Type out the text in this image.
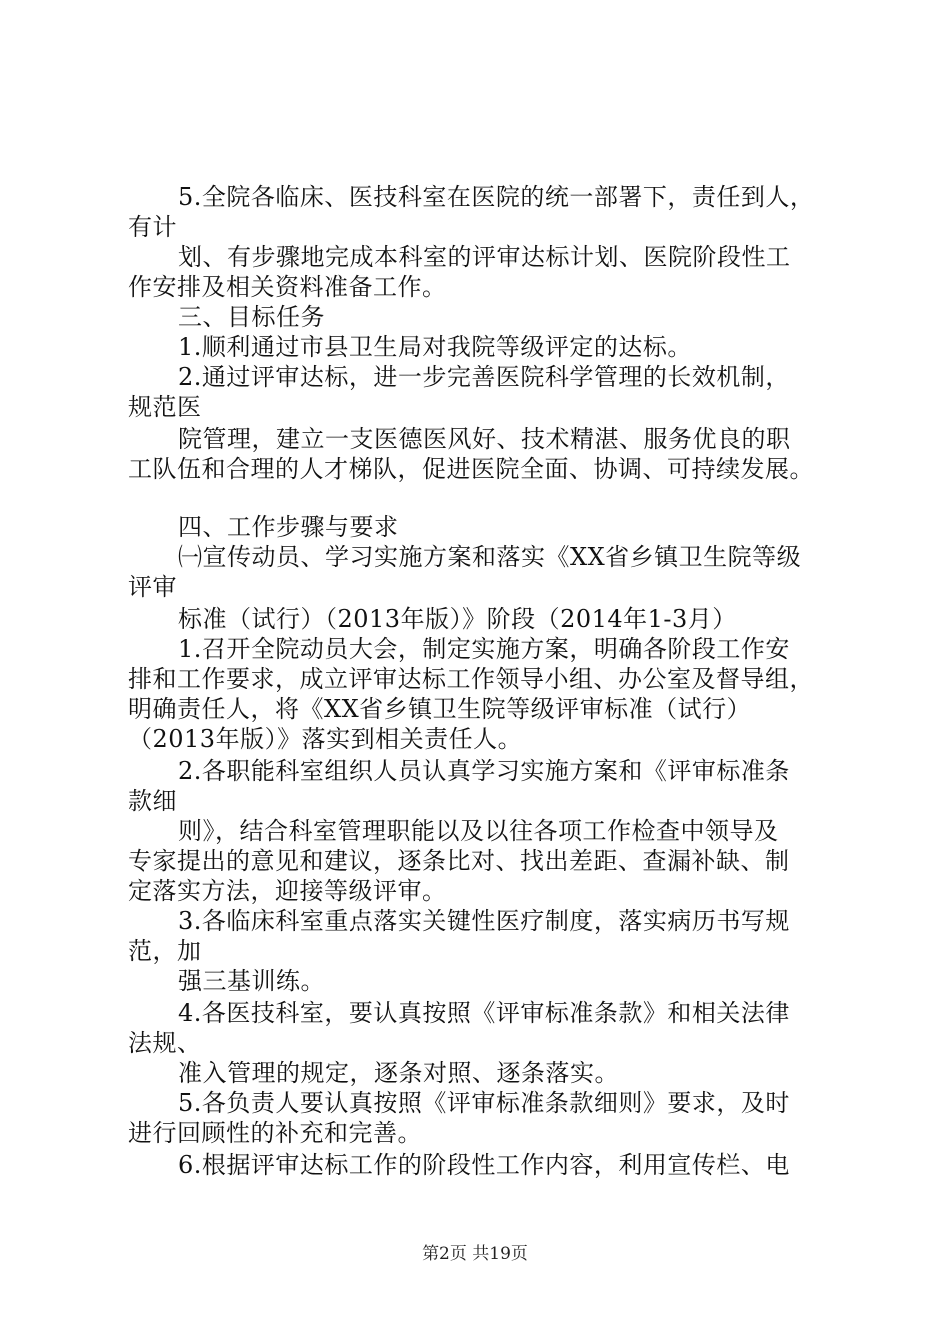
5.全院各临床、医技科室在医院的统一部署下，责任到人，
有计
划、有步骤地完成本科室的评审达标计划、医院阶段性工
作安排及相关资料准备工作。
三、目标任务
1.顺利通过市县卫生局对我院等级评定的达标。
2.通过评审达标，进一步完善医院科学管理的长效机制，
规范医
院管理，建立一支医德医风好、技术精湛、服务优良的职
工队伍和合理的人才梯队，促进医院全面、协调、可持续发展。
四、工作步骤与要求
㈠宣传动员、学习实施方案和落实《XX省乡镇卫生院等级
评审
标准（试行）（2013年版）》阶段（2014年1-3月）
1.召开全院动员大会，制定实施方案，明确各阶段工作安
排和工作要求，成立评审达标工作领导小组、办公室及督导组，
明确责任人，将《XX省乡镇卫生院等级评审标准（试行）
（2013年版）》落实到相关责任人。
2.各职能科室组织人员认真学习实施方案和《评审标准条
款细
则》，结合科室管理职能以及以往各项工作检查中领导及
专家提出的意见和建议，逐条比对、找出差距、查漏补缺、制
定落实方法，迎接等级评审。
3.各临床科室重点落实关键性医疗制度，落实病历书写规
范，加
强三基训练。
4.各医技科室，要认真按照《评审标准条款》和相关法律
法规、
准入管理的规定，逐条对照、逐条落实。
5.各负责人要认真按照《评审标准条款细则》要求，及时
进行回顾性的补充和完善。
6.根据评审达标工作的阶段性工作内容，利用宣传栏、电
第2页 共19页
